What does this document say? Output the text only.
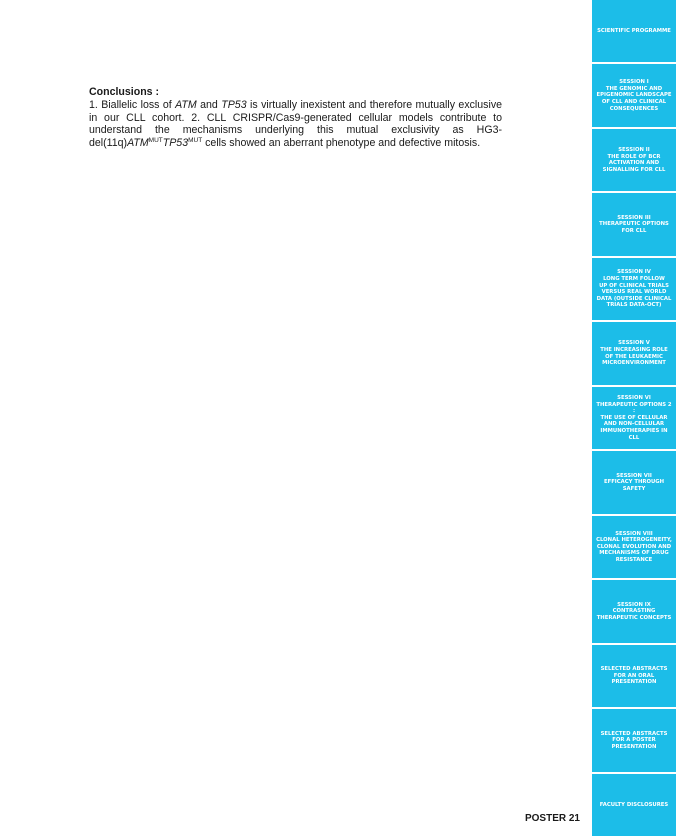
Conclusions :

1. Biallelic loss of ATM and TP53 is virtually inexistent and therefore mutually exclusive in our CLL cohort. 2. CLL CRISPR/Cas9-generated cellular models contribute to understand the mechanisms underlying this mutual exclusivity as $HG3-del(11q)ATM^{MUT}TP53^{MUT}$ cells showed an aberrant phenotype and defective mitosis.

POSTER 21
SCIENTIFIC PROGRAMME
SESSION I
THE GENOMIC AND
EPIGENOMIC LANDSCAPE
OF CLL AND CLINICAL
CONSEQUENCES
SESSION II
THE ROLE OF BCR
ACTIVATION AND
SIGNALLING FOR CLL
SESSION III
THERAPEUTIC OPTIONS
FOR CLL
SESSION IV
LONG TERM FOLLOW
UP OF CLINICAL TRIALS
VERSUS REAL WORLD
DATA (OUTSIDE CLINICAL
TRIALS DATA-OCT)
SESSION V
THE INCREASING ROLE
OF THE LEUKAEMIC
MICROENVIRONMENT
SESSION VI
THERAPEUTIC OPTIONS 2 :
THE USE OF CELLULAR
AND NON-CELLULAR
IMMUNOTHERAPIES IN
CLL
SESSION VII
EFFICACY THROUGH
SAFETY
SESSION VIII
CLONAL HETEROGENEITY,
CLONAL EVOLUTION AND
MECHANISMS OF DRUG
RESISTANCE
SESSION IX
CONTRASTING
THERAPEUTIC CONCEPTS
SELECTED ABSTRACTS
FOR AN ORAL
PRESENTATION
SELECTED ABSTRACTS
FOR A POSTER
PRESENTATION
FACULTY DISCLOSURES
